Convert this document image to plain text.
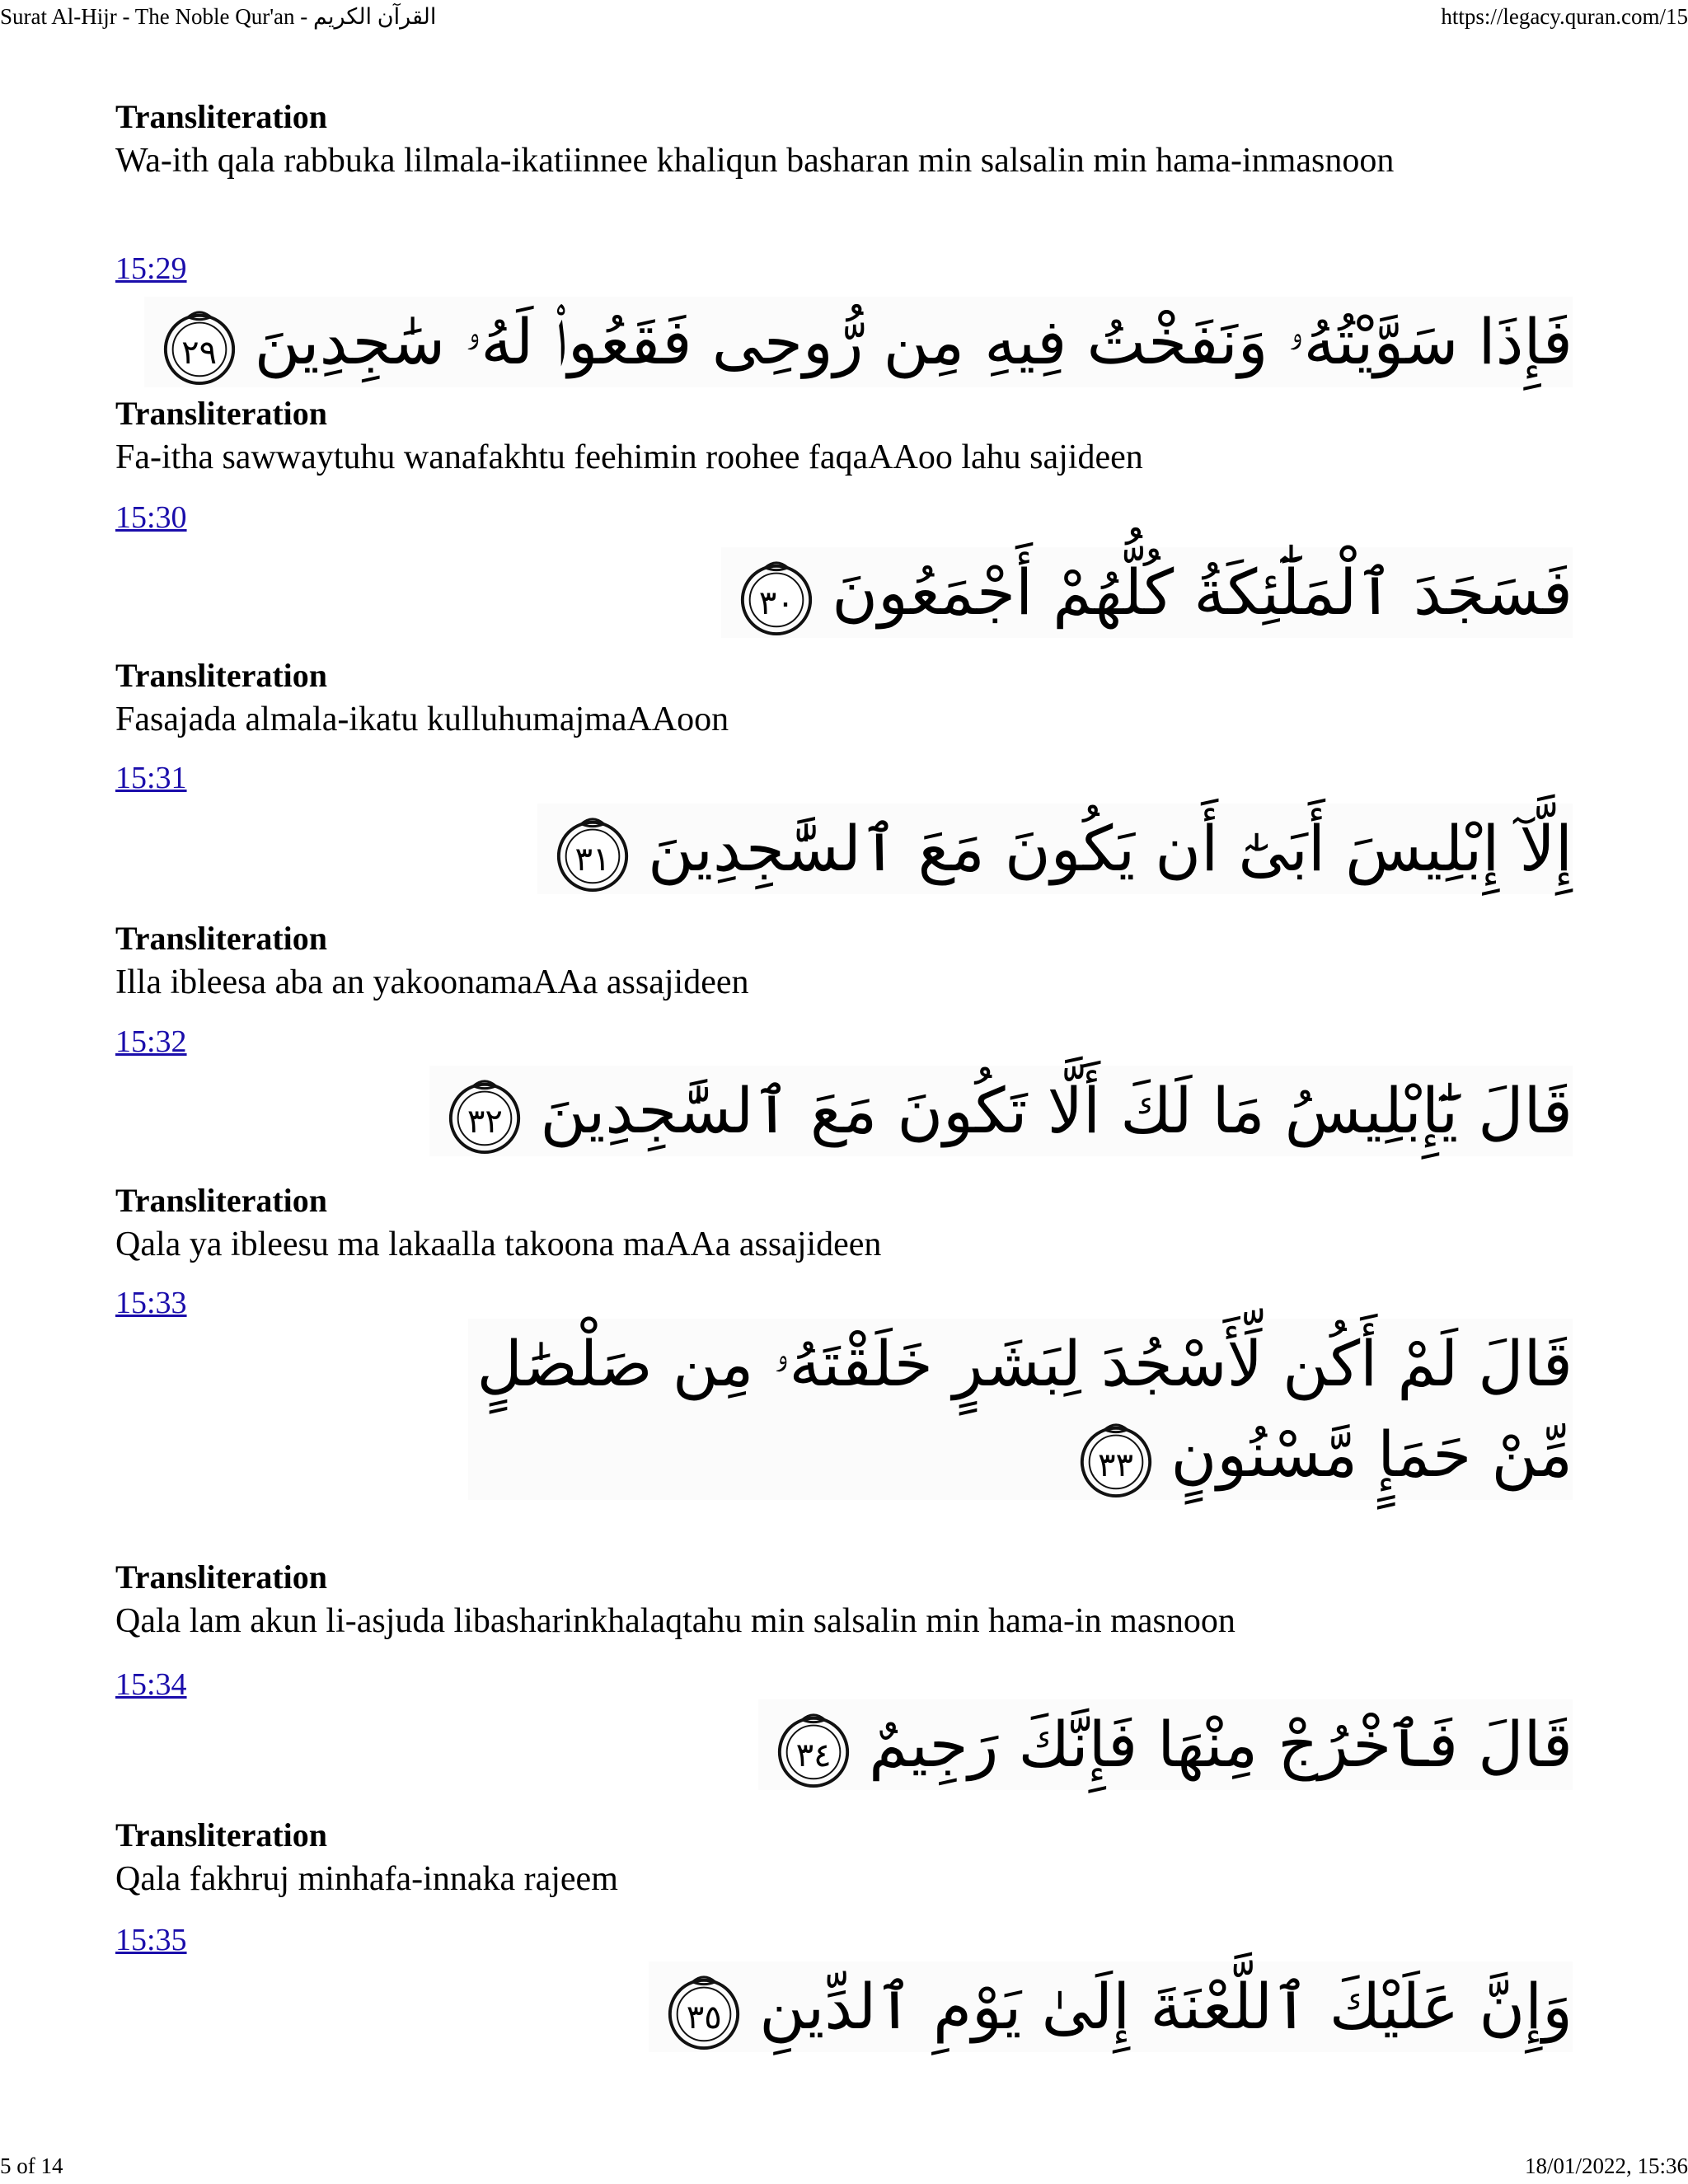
Surat Al-Hijr - The Noble Qur'an - القرآن الكريم	https://legacy.quran.com/15
Transliteration
Wa-ith qala rabbuka lilmala-ikatiinnee khaliqun basharan min salsalin min hama-inmasnoon
15:29
فَإِذَا سَوَّيْتُهُۥ وَنَفَخْتُ فِيهِ مِن رُّوحِى فَقَعُوا۟ لَهُۥ سَٰجِدِينَ
٢٩
Transliteration
Fa-itha sawwaytuhu wanafakhtu feehimin roohee faqaAAoo lahu sajideen
15:30
فَسَجَدَ ٱلْمَلَٰٓئِكَةُ كُلُّهُمْ أَجْمَعُونَ
٣٠
Transliteration
Fasajada almala-ikatu kulluhumajmaAAoon
15:31
إِلَّآ إِبْلِيسَ أَبَىٰٓ أَن يَكُونَ مَعَ ٱلسَّٰجِدِينَ
٣١
Transliteration
Illa ibleesa aba an yakoonamaAAa assajideen
15:32
قَالَ يَٰٓإِبْلِيسُ مَا لَكَ أَلَّا تَكُونَ مَعَ ٱلسَّٰجِدِينَ
٣٢
Transliteration
Qala ya ibleesu ma lakaalla takoona maAAa assajideen
15:33
قَالَ لَمْ أَكُن لِّأَسْجُدَ لِبَشَرٍ خَلَقْتَهُۥ مِن صَلْصَٰلٍ مِّنْ حَمَإٍ مَّسْنُونٍ
٣٣
Transliteration
Qala lam akun li-asjuda libasharinkhalaqtahu min salsalin min hama-in masnoon
15:34
قَالَ فَٱخْرُجْ مِنْهَا فَإِنَّكَ رَجِيمٌ
٣٤
Transliteration
Qala fakhruj minhafa-innaka rajeem
15:35
وَإِنَّ عَلَيْكَ ٱللَّعْنَةَ إِلَىٰ يَوْمِ ٱلدِّينِ
٣٥
5 of 14	18/01/2022, 15:36
